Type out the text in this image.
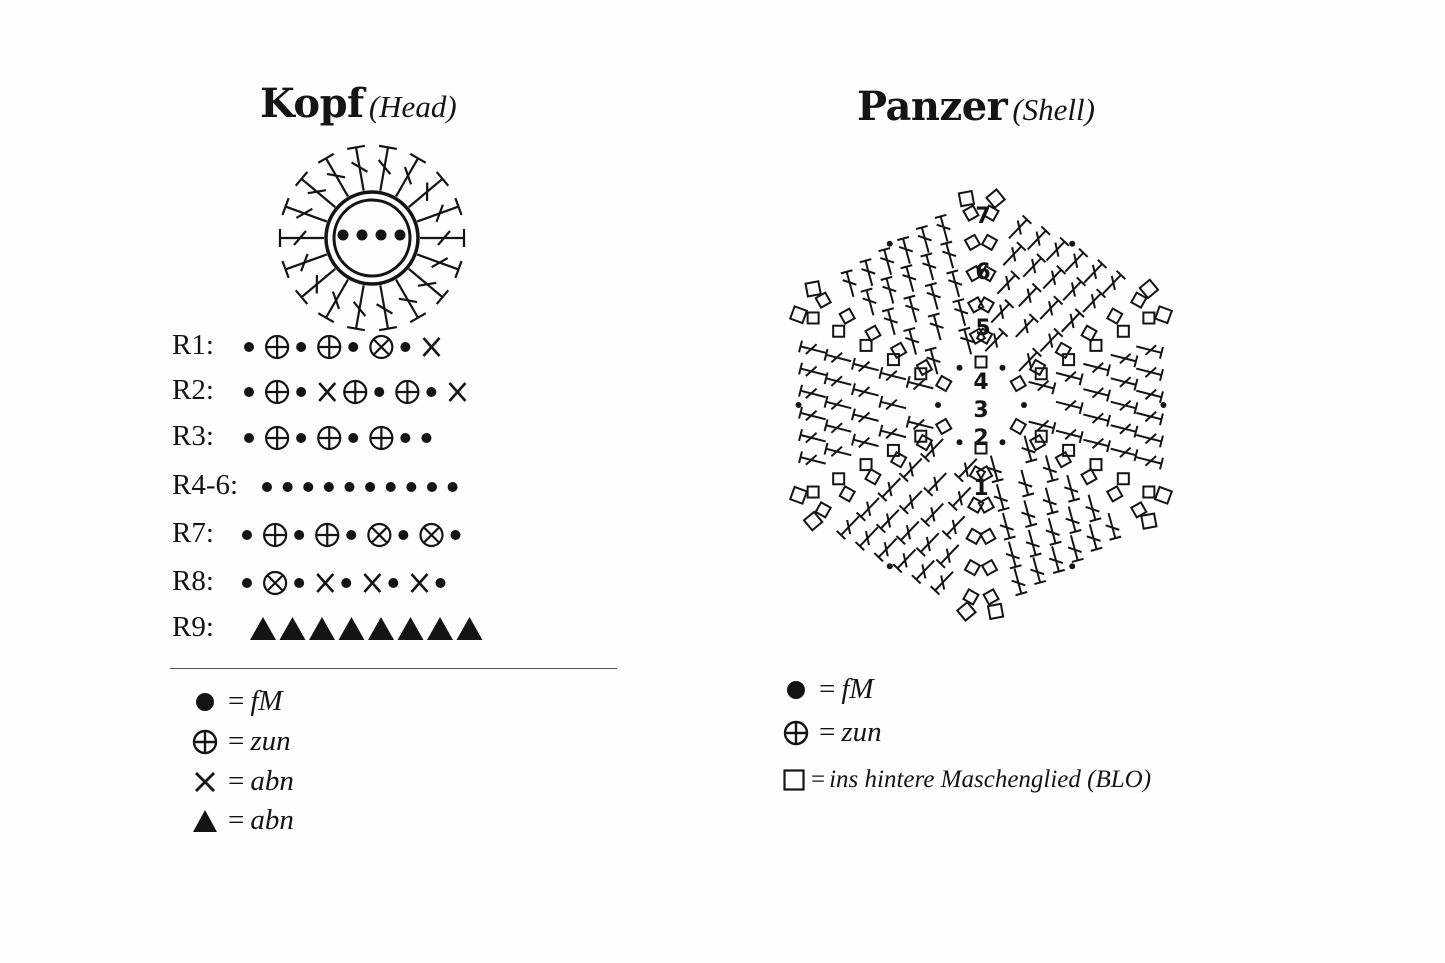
Kopf (Head)
R1:
R2:
R3:
R4-6:
R7:
R8:
R9:
= fM
= zun
= abn
= abn
Panzer (Shell)
7
6
5
4
3
2
1
= fM
= zun
= ins hintere Maschenglied (BLO)
